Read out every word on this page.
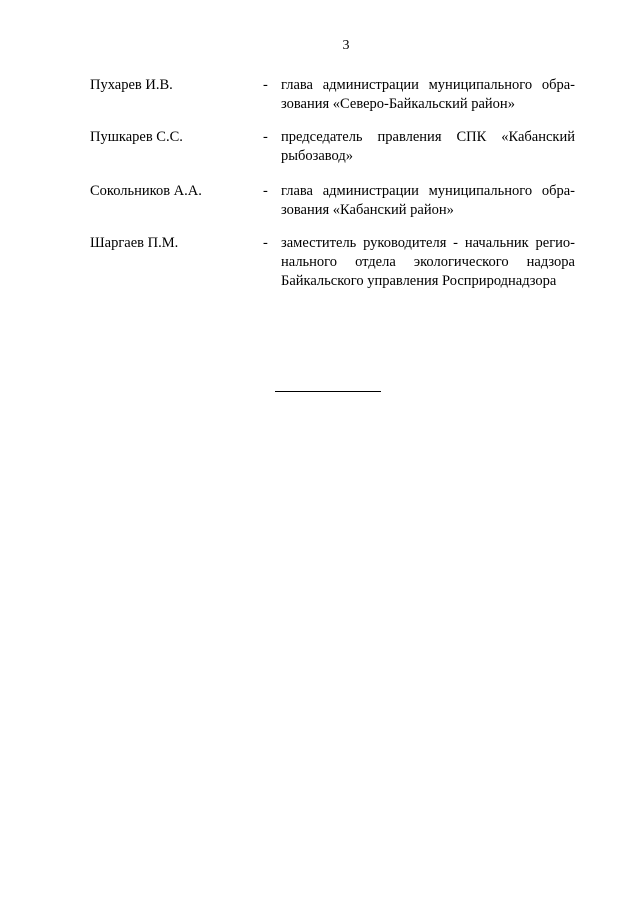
3
Пухарев И.В.	- глава администрации муниципального обра-
зования «Северо-Байкальский район»
Пушкарев С.С.	- председатель правления СПК «Кабанский
рыбозавод»
Сокольников А.А.	- глава администрации муниципального обра-
зования «Кабанский район»
Шаргаев П.М.	- заместитель руководителя - начальник регио-
нального отдела экологического надзора
Байкальского управления Росприроднадзора
